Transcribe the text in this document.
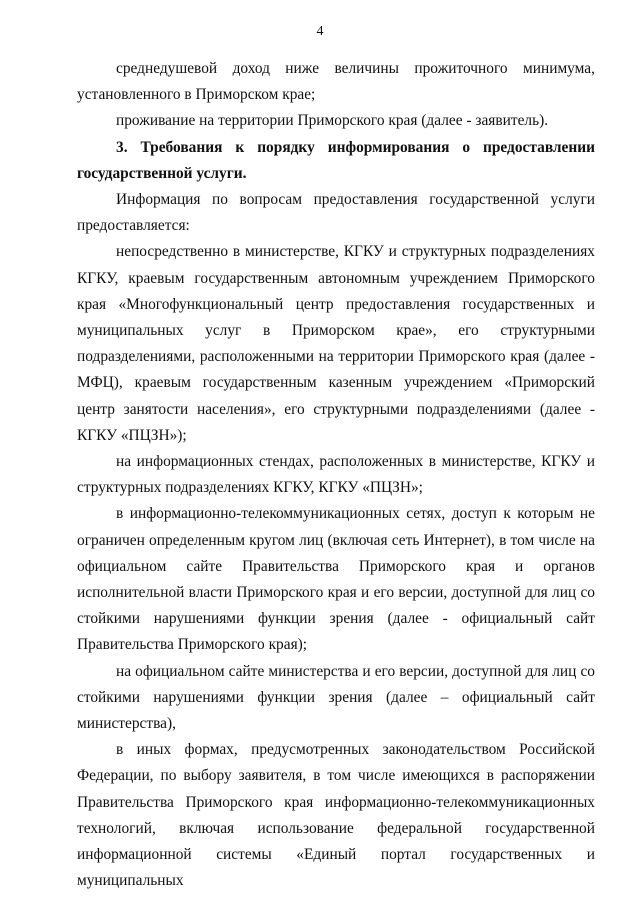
4

среднедушевой доход ниже величины прожиточного минимума, установленного в Приморском крае;

проживание на территории Приморского края (далее - заявитель).

3. Требования к порядку информирования о предоставлении государственной услуги.

Информация по вопросам предоставления государственной услуги предоставляется:

непосредственно в министерстве, КГКУ и структурных подразделениях КГКУ, краевым государственным автономным учреждением Приморского края «Многофункциональный центр предоставления государственных и муниципальных услуг в Приморском крае», его структурными подразделениями, расположенными на территории Приморского края (далее - МФЦ), краевым государственным казенным учреждением «Приморский центр занятости населения», его структурными подразделениями (далее - КГКУ «ПЦЗН»);

на информационных стендах, расположенных в министерстве, КГКУ и структурных подразделениях КГКУ, КГКУ «ПЦЗН»;

в информационно-телекоммуникационных сетях, доступ к которым не ограничен определенным кругом лиц (включая сеть Интернет), в том числе на официальном сайте Правительства Приморского края и органов исполнительной власти Приморского края и его версии, доступной для лиц со стойкими нарушениями функции зрения (далее - официальный сайт Правительства Приморского края);

на официальном сайте министерства и его версии, доступной для лиц со стойкими нарушениями функции зрения (далее – официальный сайт министерства),

в иных формах, предусмотренных законодательством Российской Федерации, по выбору заявителя, в том числе имеющихся в распоряжении Правительства Приморского края информационно-телекоммуникационных технологий, включая использование федеральной государственной информационной системы «Единый портал государственных и муниципальных
